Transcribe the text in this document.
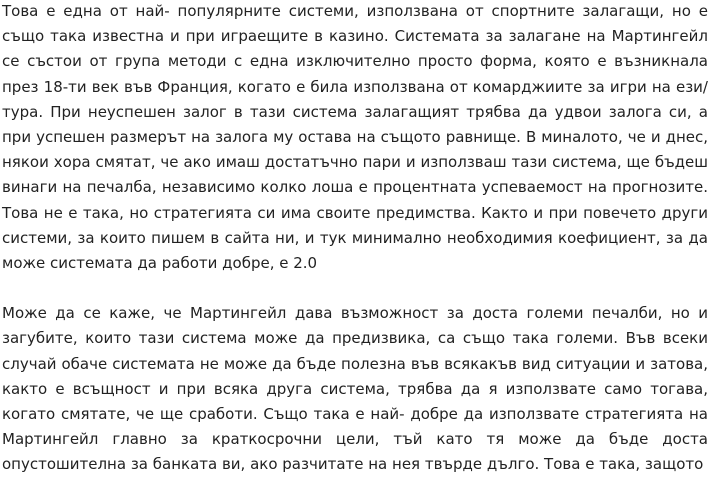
Това е една от най- популярните системи, използвана от спортните залагащи, но е също така известна и при играещите в казино. Системата за залагане на Мартингейл се състои от група методи с една изключително просто форма, която е възникнала през 18-ти век във Франция, когато е била използвана от комарджиите за игри на ези/тура. При неуспешен залог в тази система залагащият трябва да удвои залога си, а при успешен размерът на залога му остава на същото равнище. В миналото, че и днес, някои хора смятат, че ако имаш достатъчно пари и използваш тази система, ще бъдеш винаги на печалба, независимо колко лоша е процентната успеваемост на прогнозите. Това не е така, но стратегията си има своите предимства. Както и при повечето други системи, за които пишем в сайта ни, и тук минимално необходимия коефициент, за да може системата да работи добре, е 2.0

Може да се каже, че Мартингейл дава възможност за доста големи печалби, но и загубите, които тази система може да предизвика, са също така големи. Във всеки случай обаче системата не може да бъде полезна във всякакъв вид ситуации и затова, както е всъщност и при всяка друга система, трябва да я използвате само тогава, когато смятате, че ще сработи. Също така е най- добре да използвате стратегията на Мартингейл главно за краткосрочни цели, тъй като тя може да бъде доста опустошителна за банката ви, ако разчитате на нея твърде дълго. Това е така, защото
